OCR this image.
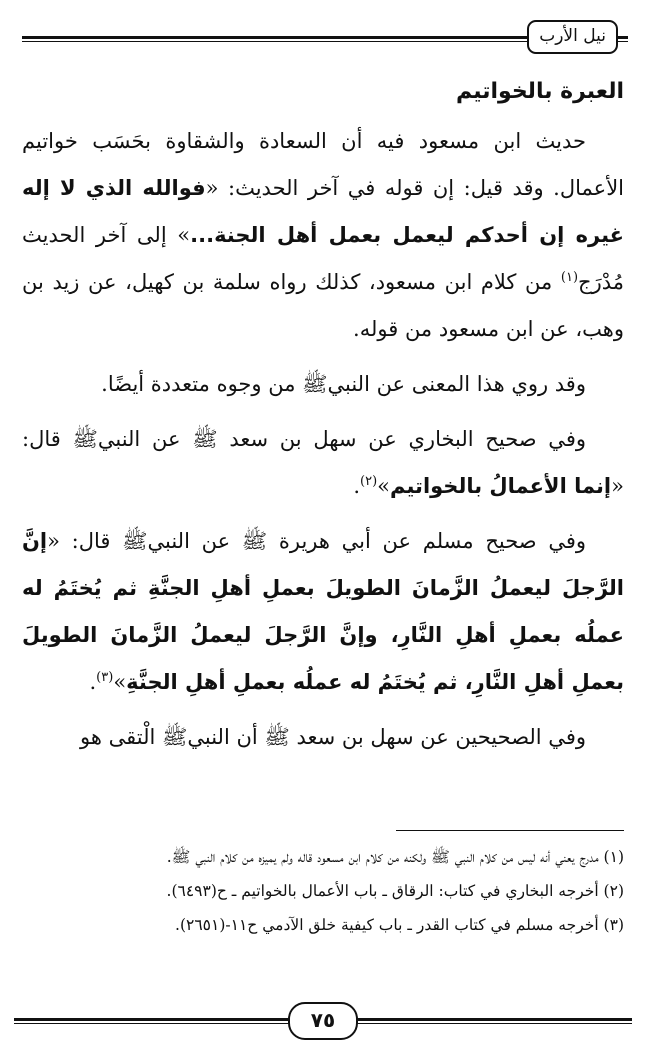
نيل الأرب
العبرة بالخواتيم

حديث ابن مسعود فيه أن السعادة والشقاوة بحَسَب خواتيم الأعمال. وقد قيل: إن قوله في آخر الحديث: «فوالله الذي لا إله غيره إن أحدكم ليعمل بعمل أهل الجنة...» إلى آخر الحديث مُدْرَج$^{(١)}$ من كلام ابن مسعود، كذلك رواه سلمة بن كهيل، عن زيد بن وهب، عن ابن مسعود من قوله.

وقد روي هذا المعنى عن النبيﷺ من وجوه متعددة أيضًا.

وفي صحيح البخاري عن سهل بن سعد ﷺ عن النبيﷺ قال: «إنما الأعمالُ بالخواتيم»$^{(٢)}$.

وفي صحيح مسلم عن أبي هريرة ﷺ عن النبيﷺ قال: «إنَّ الرَّجلَ ليعملُ الزَّمانَ الطويلَ بعملِ أهلِ الجنَّةِ ثم يُختَمُ له عملُه بعملِ أهلِ النَّارِ، وإنَّ الرَّجلَ ليعملُ الزَّمانَ الطويلَ بعملِ أهلِ النَّارِ، ثم يُختَمُ له عملُه بعملِ أهلِ الجنَّةِ»$^{(٣)}$.

وفي الصحيحين عن سهل بن سعد ﷺ أن النبيﷺ الْتقى هو

(١) مدرج يعني أنه ليس من كلام النبي ﷺ ولكنه من كلام ابن مسعود قاله ولم يميزه من كلام النبي ﷺ.

(٢) أخرجه البخاري في كتاب: الرقاق ـ باب الأعمال بالخواتيم ـ ح(٦٤٩٣).

(٣) أخرجه مسلم في كتاب القدر ـ باب كيفية خلق الآدمي ح١١-(٢٦٥١).

٧٥
